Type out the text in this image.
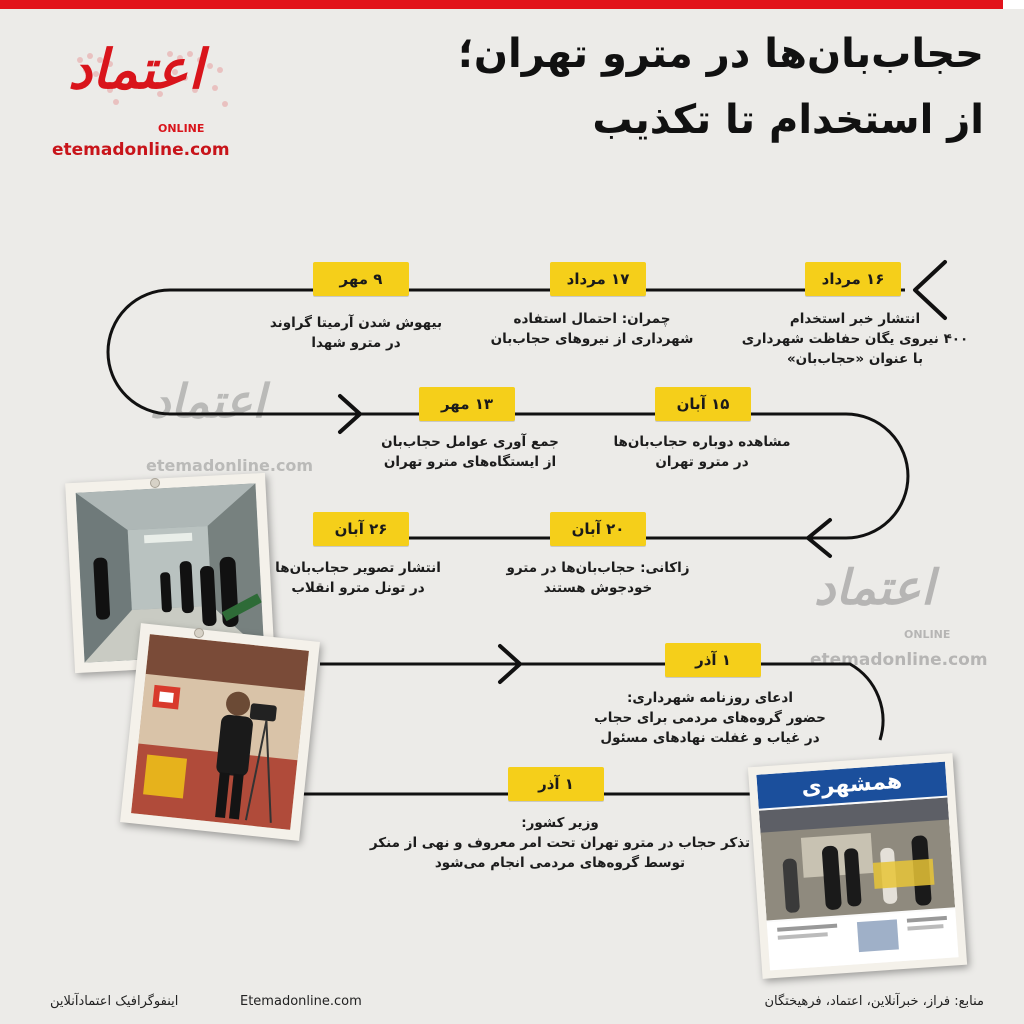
حجاب‌بان‌ها در مترو تهران؛
از استخدام تا تکذیب
اعتماد
ONLINE
etemadonline.com
اعتماد
etemadonline.com
اعتماد
ONLINE
etemadonline.com
۱۶ مرداد
۱۷ مرداد
۹ مهر
۱۳ مهر	۱۵ آبان
۲۰ آبان
۲۶ آبان
۱ آذر
۱ آذر
انتشار خبر استخدام
۴۰۰ نیروی یگان حفاظت شهرداری
با عنوان «حجاب‌بان»
چمران: احتمال استفاده
شهرداری از نیروهای حجاب‌بان
بیهوش شدن آرمیتا گراوند
در مترو شهدا
جمع آوری عوامل حجاب‌بان
از ایستگاه‌های مترو تهران
مشاهده دوباره حجاب‌بان‌ها
در مترو تهران
زاکانی: حجاب‌بان‌ها در مترو
خودجوش هستند
انتشار تصویر حجاب‌بان‌ها
در تونل مترو انقلاب
ادعای روزنامه شهرداری:
حضور گروه‌های مردمی برای حجاب
در غیاب و غفلت نهادهای مسئول
وزیر کشور:
تذکر حجاب در مترو تهران تحت امر معروف و نهی از منکر
توسط گروه‌های مردمی انجام می‌شود
همشهری
اینفوگرافیک اعتمادآنلاین	Etemadonline.com	منابع: فراز، خبرآنلاین، اعتماد، فرهیختگان
